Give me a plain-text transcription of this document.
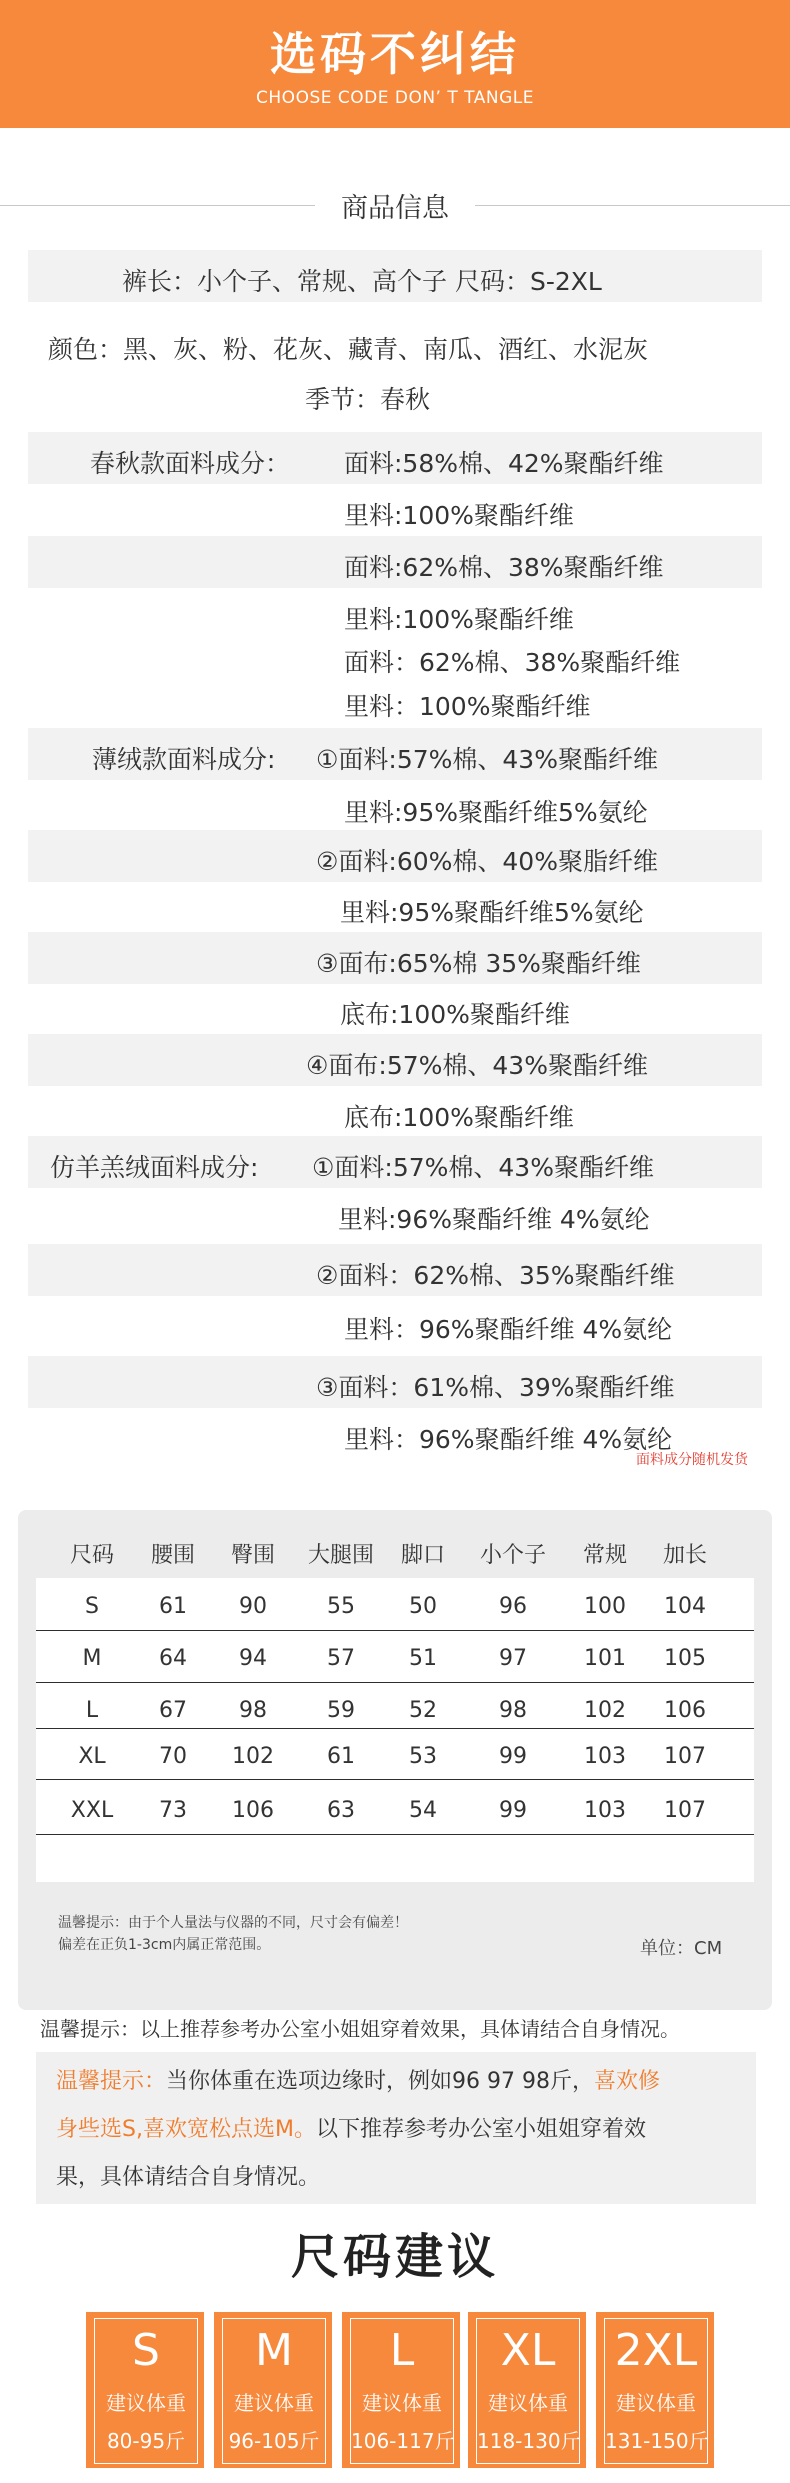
选码不纠结
CHOOSE CODE DON’ T TANGLE
商品信息
裤长：小个子、常规、高个子 尺码：S-2XL
颜色：黑、灰、粉、花灰、藏青、南瓜、酒红、水泥灰
季节：春秋
春秋款面料成分： 面料:58%棉、42%聚酯纤维
里料:100%聚酯纤维
面料:62%棉、38%聚酯纤维
里料:100%聚酯纤维
面料：62%棉、38%聚酯纤维
里料：100%聚酯纤维
薄绒款面料成分: ①面料:57%棉、43%聚酯纤维
里料:95%聚酯纤维5%氨纶
②面料:60%棉、40%聚脂纤维
里料:95%聚酯纤维5%氨纶
③面布:65%棉 35%聚酯纤维
底布:100%聚酯纤维
④面布:57%棉、43%聚酯纤维
底布:100%聚酯纤维
仿羊羔绒面料成分: ①面料:57%棉、43%聚酯纤维
里料:96%聚酯纤维 4%氨纶
②面料：62%棉、35%聚酯纤维
里料：96%聚酯纤维 4%氨纶
③面料：61%棉、39%聚酯纤维
里料：96%聚酯纤维 4%氨纶
面料成分随机发货
尺码	腰围	臀围	大腿围	脚口	小个子	常规	加长
S	61	90	55	50	96	100	104
M	64	94	57	51	97	101	105
L	67	98	59	52	98	102	106
XL	70	102	61	53	99	103	107
XXL	73	106	63	54	99	103	107
温馨提示：由于个人量法与仪器的不同，尺寸会有偏差！
偏差在正负1-3cm内属正常范围。	单位：CM
温馨提示：以上推荐参考办公室小姐姐穿着效果，具体请结合自身情况。
温馨提示：当你体重在选项边缘时，例如96 97 98斤，喜欢修
身些选S,喜欢宽松点选M。以下推荐参考办公室小姐姐穿着效
果，具体请结合自身情况。
尺码建议
S
建议体重
80-95斤
M
建议体重
96-105斤
L
建议体重
106-117斤
XL
建议体重
118-130斤
2XL
建议体重
131-150斤
